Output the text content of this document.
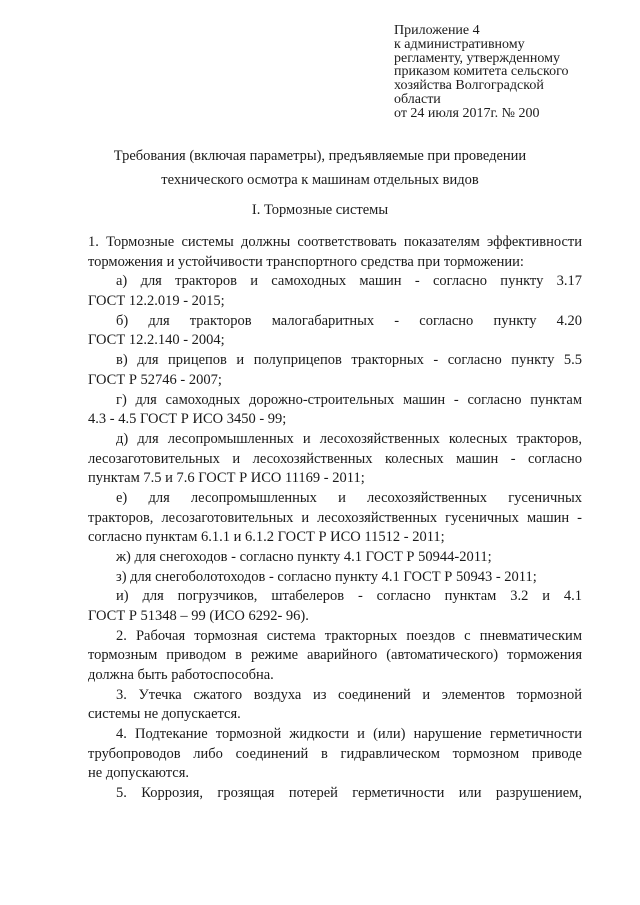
Приложение 4
к административному
регламенту, утвержденному
приказом комитета сельского
хозяйства Волгоградской
области
от 24 июля 2017г. № 200
Требования (включая параметры), предъявляемые при проведении
технического осмотра к машинам отдельных видов
I. Тормозные системы
1. Тормозные системы должны соответствовать показателям эффективности
торможения и устойчивости транспортного средства при торможении:
а) для тракторов и самоходных машин - согласно пункту 3.17
ГОСТ 12.2.019 - 2015;
б) для тракторов малогабаритных - согласно пункту 4.20
ГОСТ 12.2.140 - 2004;
в) для прицепов и полуприцепов тракторных - согласно пункту 5.5
ГОСТ Р 52746 - 2007;
г) для самоходных дорожно-строительных машин - согласно пунктам
4.3 - 4.5 ГОСТ Р ИСО 3450 - 99;
д) для лесопромышленных и лесохозяйственных колесных тракторов,
лесозаготовительных и лесохозяйственных колесных машин - согласно
пунктам 7.5 и 7.6 ГОСТ Р ИСО 11169 - 2011;
е) для лесопромышленных и лесохозяйственных гусеничных
тракторов, лесозаготовительных и лесохозяйственных гусеничных машин -
согласно пунктам 6.1.1 и 6.1.2 ГОСТ Р ИСО 11512 - 2011;
ж) для снегоходов - согласно пункту 4.1 ГОСТ Р 50944-2011;
з) для снегоболотоходов - согласно пункту 4.1 ГОСТ Р 50943 - 2011;
и) для погрузчиков, штабелеров - согласно пунктам 3.2 и 4.1
ГОСТ Р 51348 – 99 (ИСО 6292- 96).
2. Рабочая тормозная система тракторных поездов с пневматическим
тормозным приводом в режиме аварийного (автоматического) торможения
должна быть работоспособна.
3. Утечка сжатого воздуха из соединений и элементов тормозной
системы не допускается.
4. Подтекание тормозной жидкости и (или) нарушение герметичности
трубопроводов либо соединений в гидравлическом тормозном приводе
не допускаются.
5. Коррозия, грозящая потерей герметичности или разрушением,
